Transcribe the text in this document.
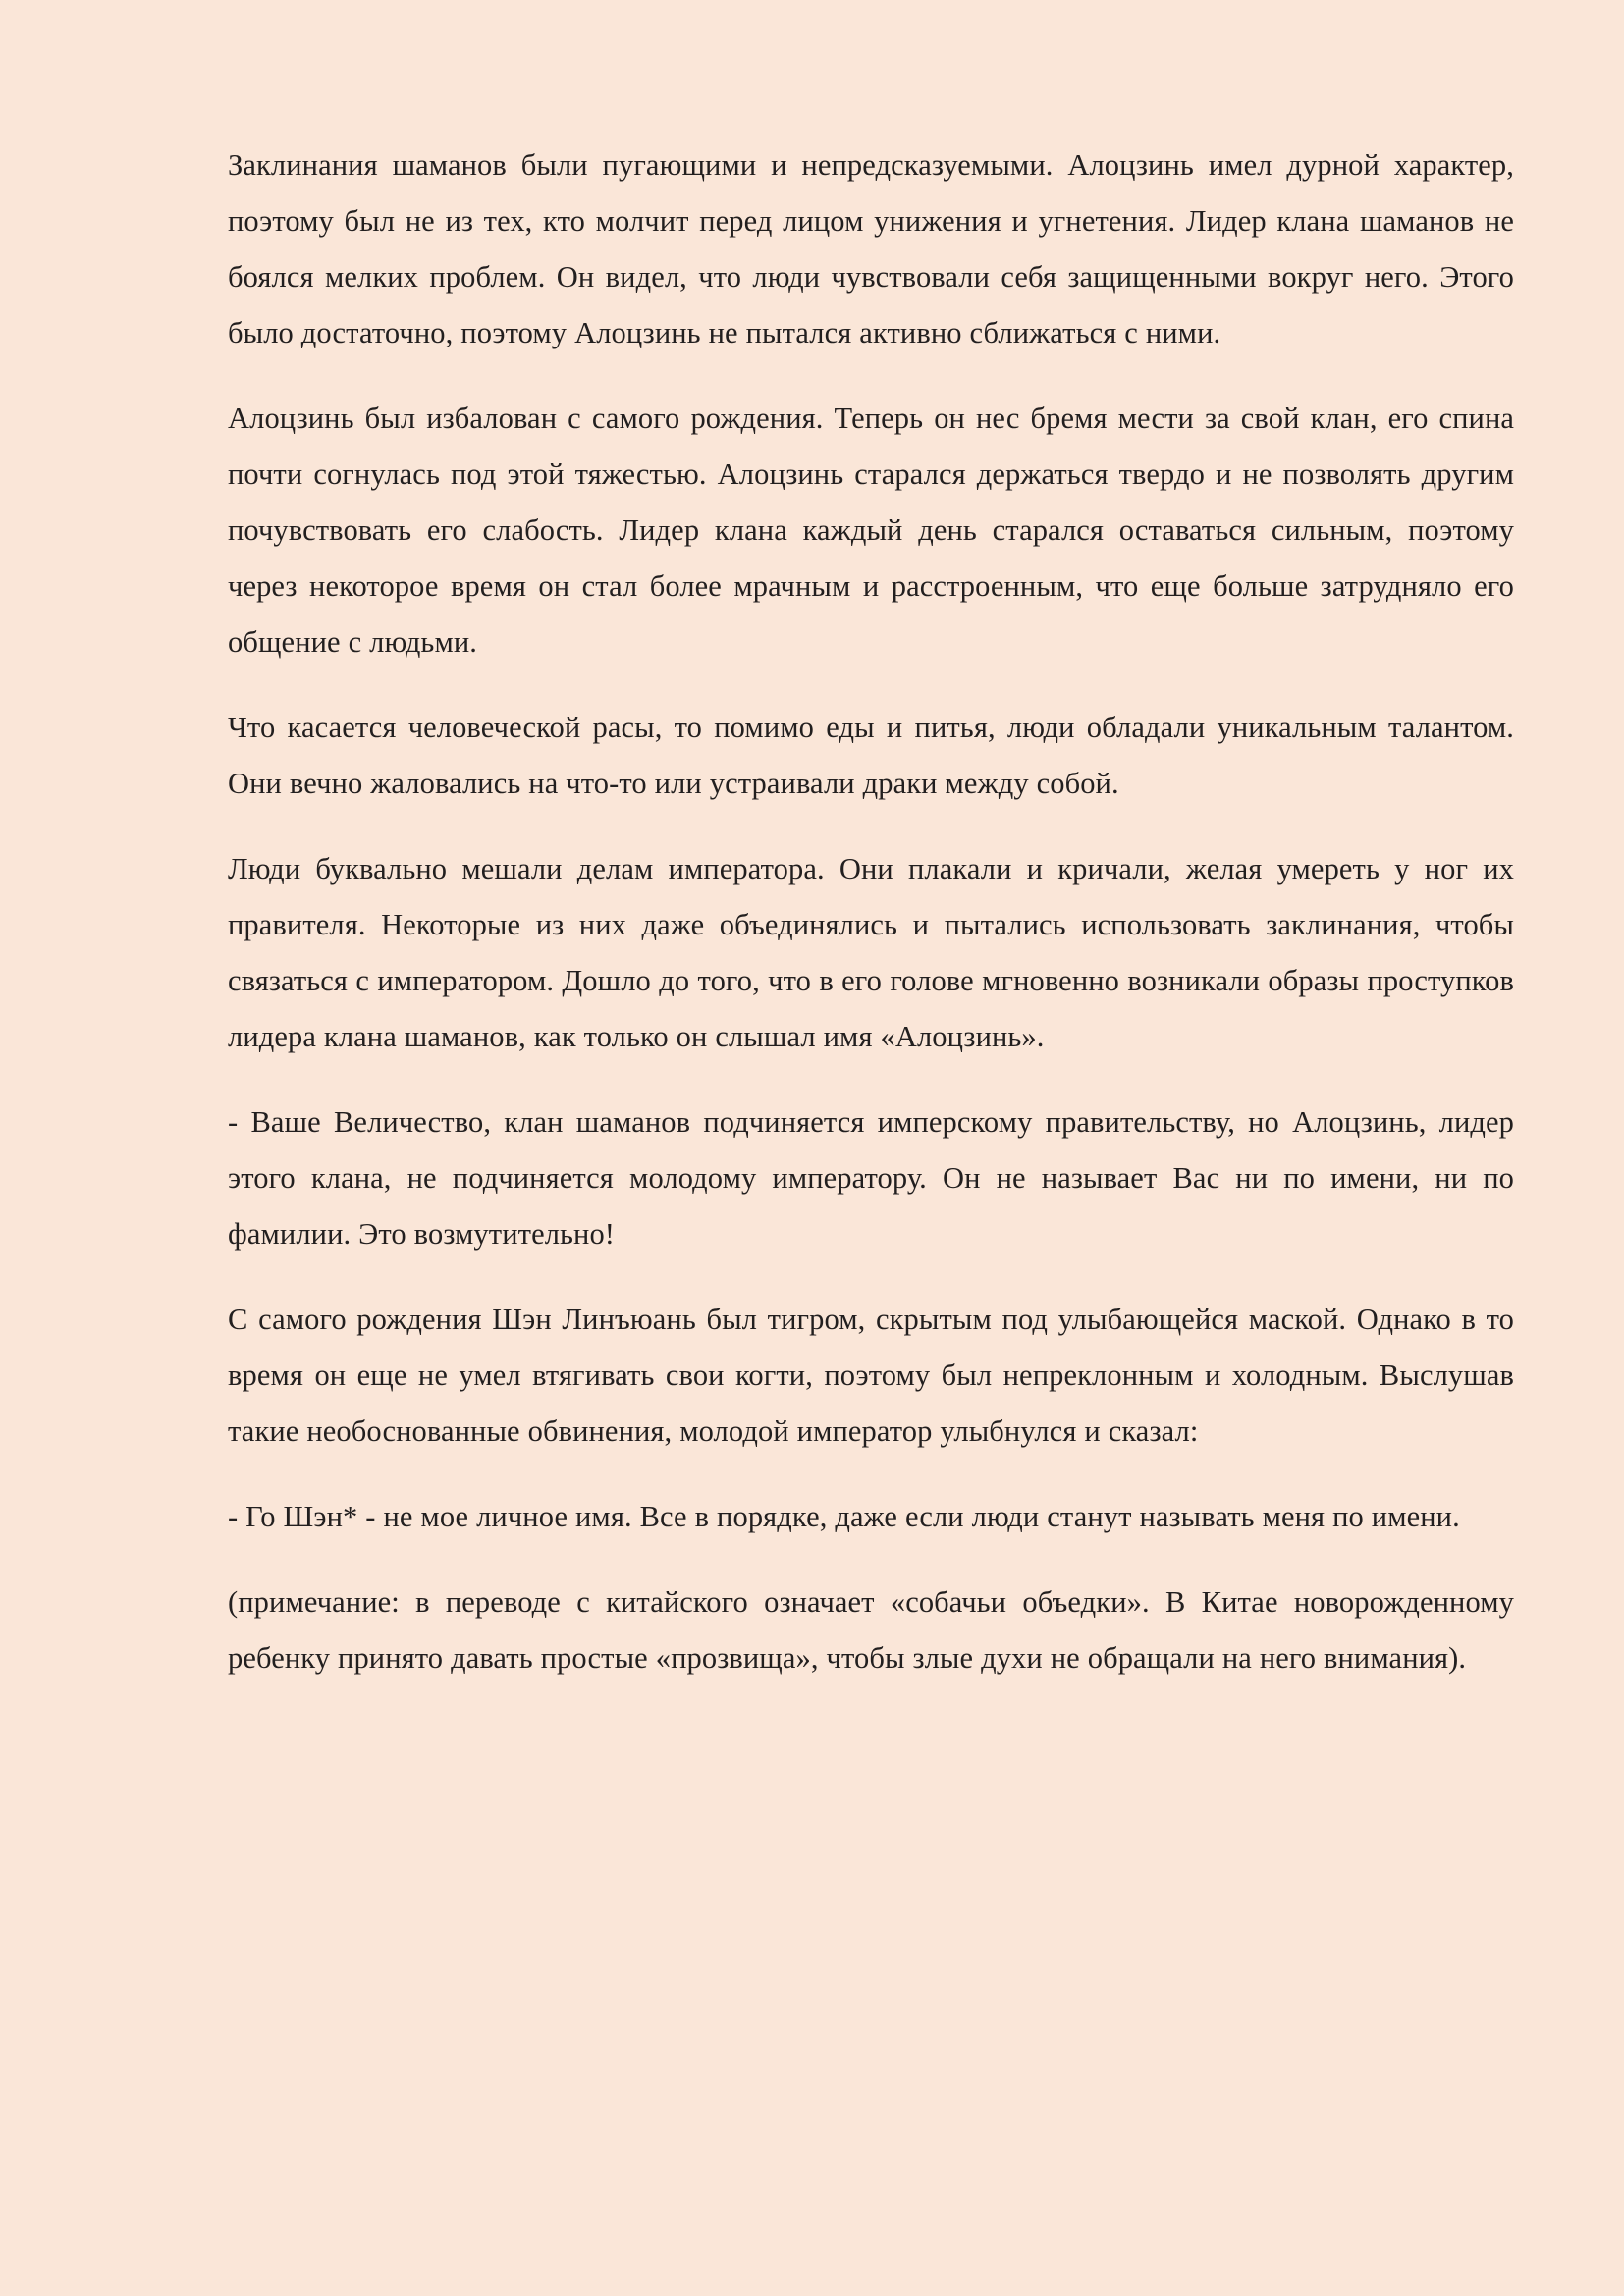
Заклинания шаманов были пугающими и непредсказуемыми. Алоцзинь имел дурной характер, поэтому был не из тех, кто молчит перед лицом унижения и угнетения. Лидер клана шаманов не боялся мелких проблем. Он видел, что люди чувствовали себя защищенными вокруг него. Этого было достаточно, поэтому Алоцзинь не пытался активно сближаться с ними.

Алоцзинь был избалован с самого рождения. Теперь он нес бремя мести за свой клан, его спина почти согнулась под этой тяжестью. Алоцзинь старался держаться твердо и не позволять другим почувствовать его слабость. Лидер клана каждый день старался оставаться сильным, поэтому через некоторое время он стал более мрачным и расстроенным, что еще больше затрудняло его общение с людьми.

Что касается человеческой расы, то помимо еды и питья, люди обладали уникальным талантом. Они вечно жаловались на что-то или устраивали драки между собой.

Люди буквально мешали делам императора. Они плакали и кричали, желая умереть у ног их правителя. Некоторые из них даже объединялись и пытались использовать заклинания, чтобы связаться с императором. Дошло до того, что в его голове мгновенно возникали образы проступков лидера клана шаманов, как только он слышал имя «Алоцзинь».

- Ваше Величество, клан шаманов подчиняется имперскому правительству, но Алоцзинь, лидер этого клана, не подчиняется молодому императору. Он не называет Вас ни по имени, ни по фамилии. Это возмутительно!

С самого рождения Шэн Линъюань был тигром, скрытым под улыбающейся маской. Однако в то время он еще не умел втягивать свои когти, поэтому был непреклонным и холодным. Выслушав такие необоснованные обвинения, молодой император улыбнулся и сказал:

- Го Шэн* - не мое личное имя. Все в порядке, даже если люди станут называть меня по имени.

(примечание: в переводе с китайского означает «собачьи объедки». В Китае новорожденному ребенку принято давать простые «прозвища», чтобы злые духи не обращали на него внимания).
